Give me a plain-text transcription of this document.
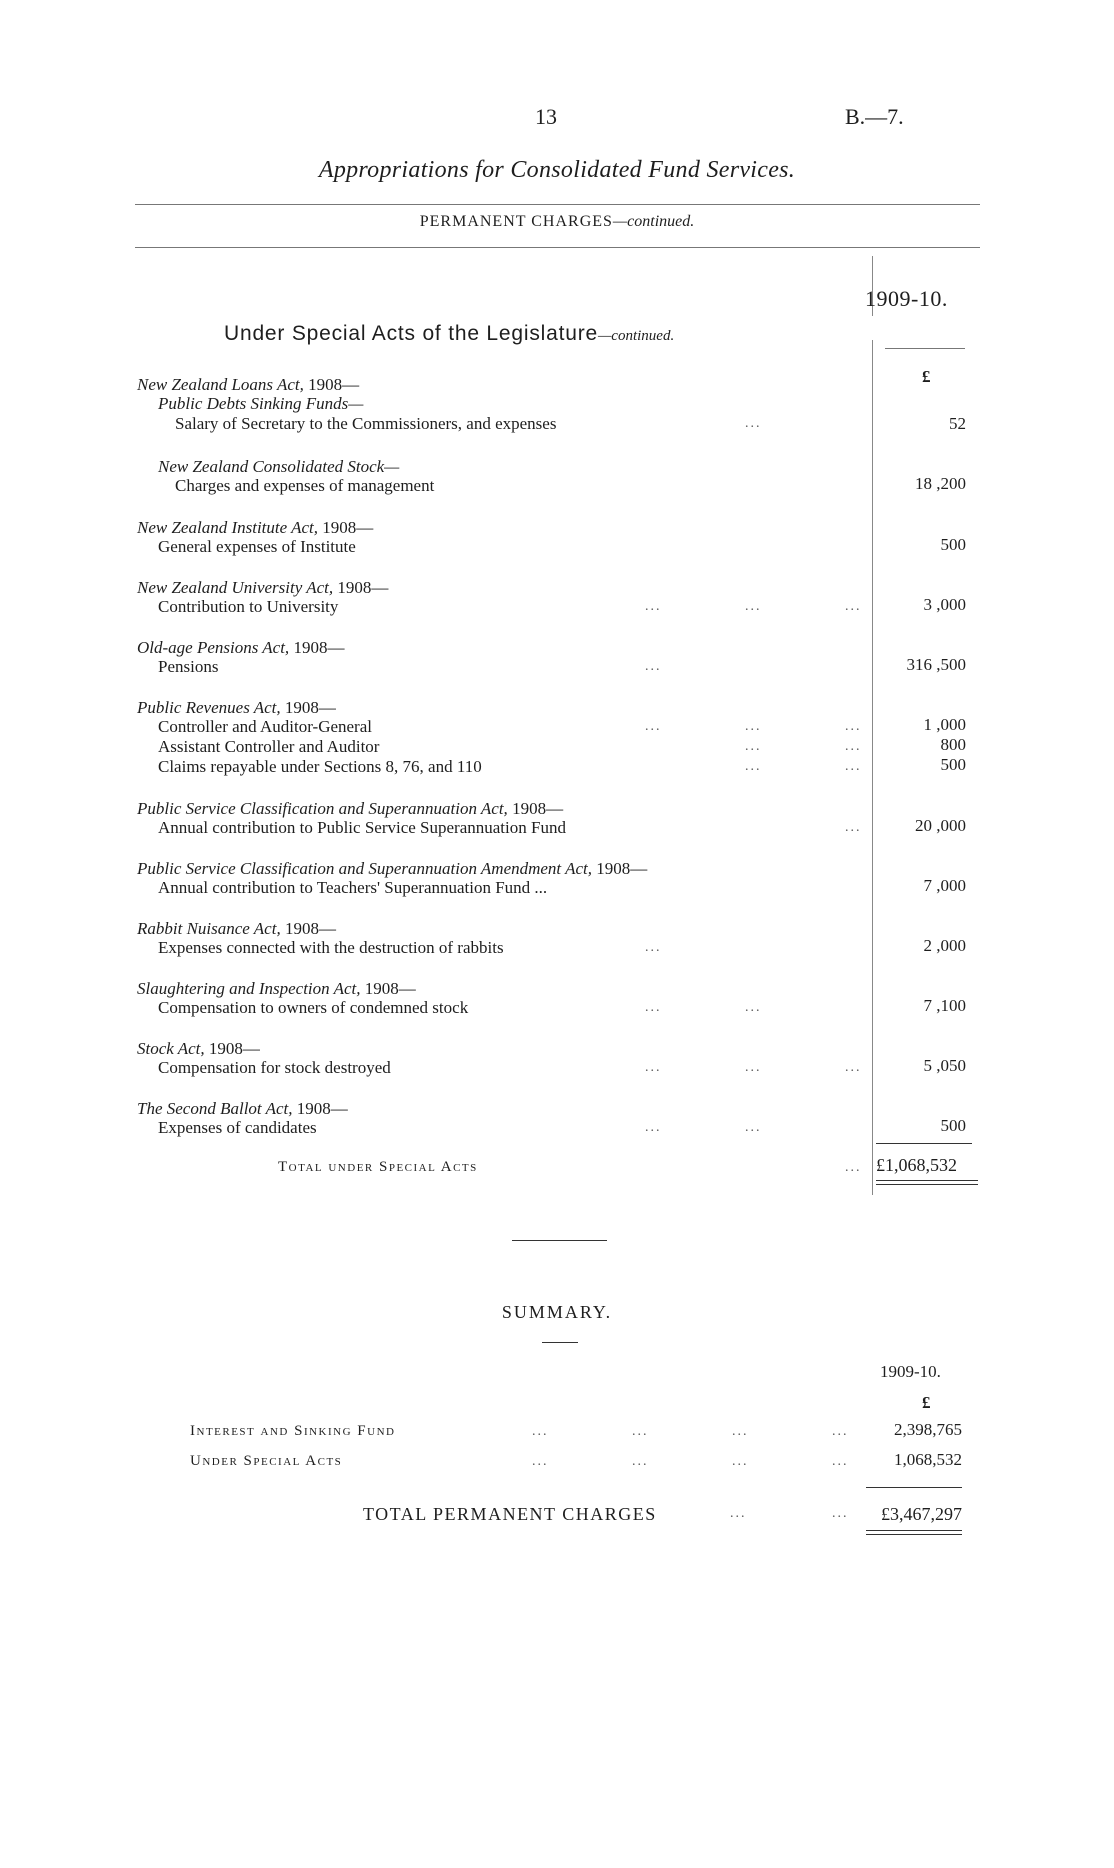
13	B.—7.
Appropriations for Consolidated Fund Services.
PERMANENT CHARGES—continued.
1909-10.
Under Special Acts of the Legislature—continued.
£
New Zealand Loans Act, 1908—
Public Debts Sinking Funds—
Salary of Secretary to the Commissioners, and expenses	...	52
New Zealand Consolidated Stock—
Charges and expenses of management	18 ,200
New Zealand Institute Act, 1908—
General expenses of Institute	500
New Zealand University Act, 1908—
Contribution to University	...	...	...	3 ,000
Old-age Pensions Act, 1908—
Pensions	...	316 ,500
Public Revenues Act, 1908—
Controller and Auditor-General	...	...	...	1 ,000
Assistant Controller and Auditor	...	...	800
Claims repayable under Sections 8, 76, and 110	...	...	500
Public Service Classification and Superannuation Act, 1908—
Annual contribution to Public Service Superannuation Fund	...	20 ,000
Public Service Classification and Superannuation Amendment Act, 1908—
Annual contribution to Teachers' Superannuation Fund ...	7 ,000
Rabbit Nuisance Act, 1908—
Expenses connected with the destruction of rabbits	...	2 ,000
Slaughtering and Inspection Act, 1908—
Compensation to owners of condemned stock	...	...	7 ,100
Stock Act, 1908—
Compensation for stock destroyed	...	...	...	5 ,050
The Second Ballot Act, 1908—
Expenses of candidates	...	...	500
Total under Special Acts	... £1,068,532
SUMMARY.
1909-10.
£
Interest and Sinking Fund	...	...	...	...	2,398,765
Under Special Acts	...	...	...	...	1,068,532
TOTAL PERMANENT CHARGES	...	... £3,467,297
